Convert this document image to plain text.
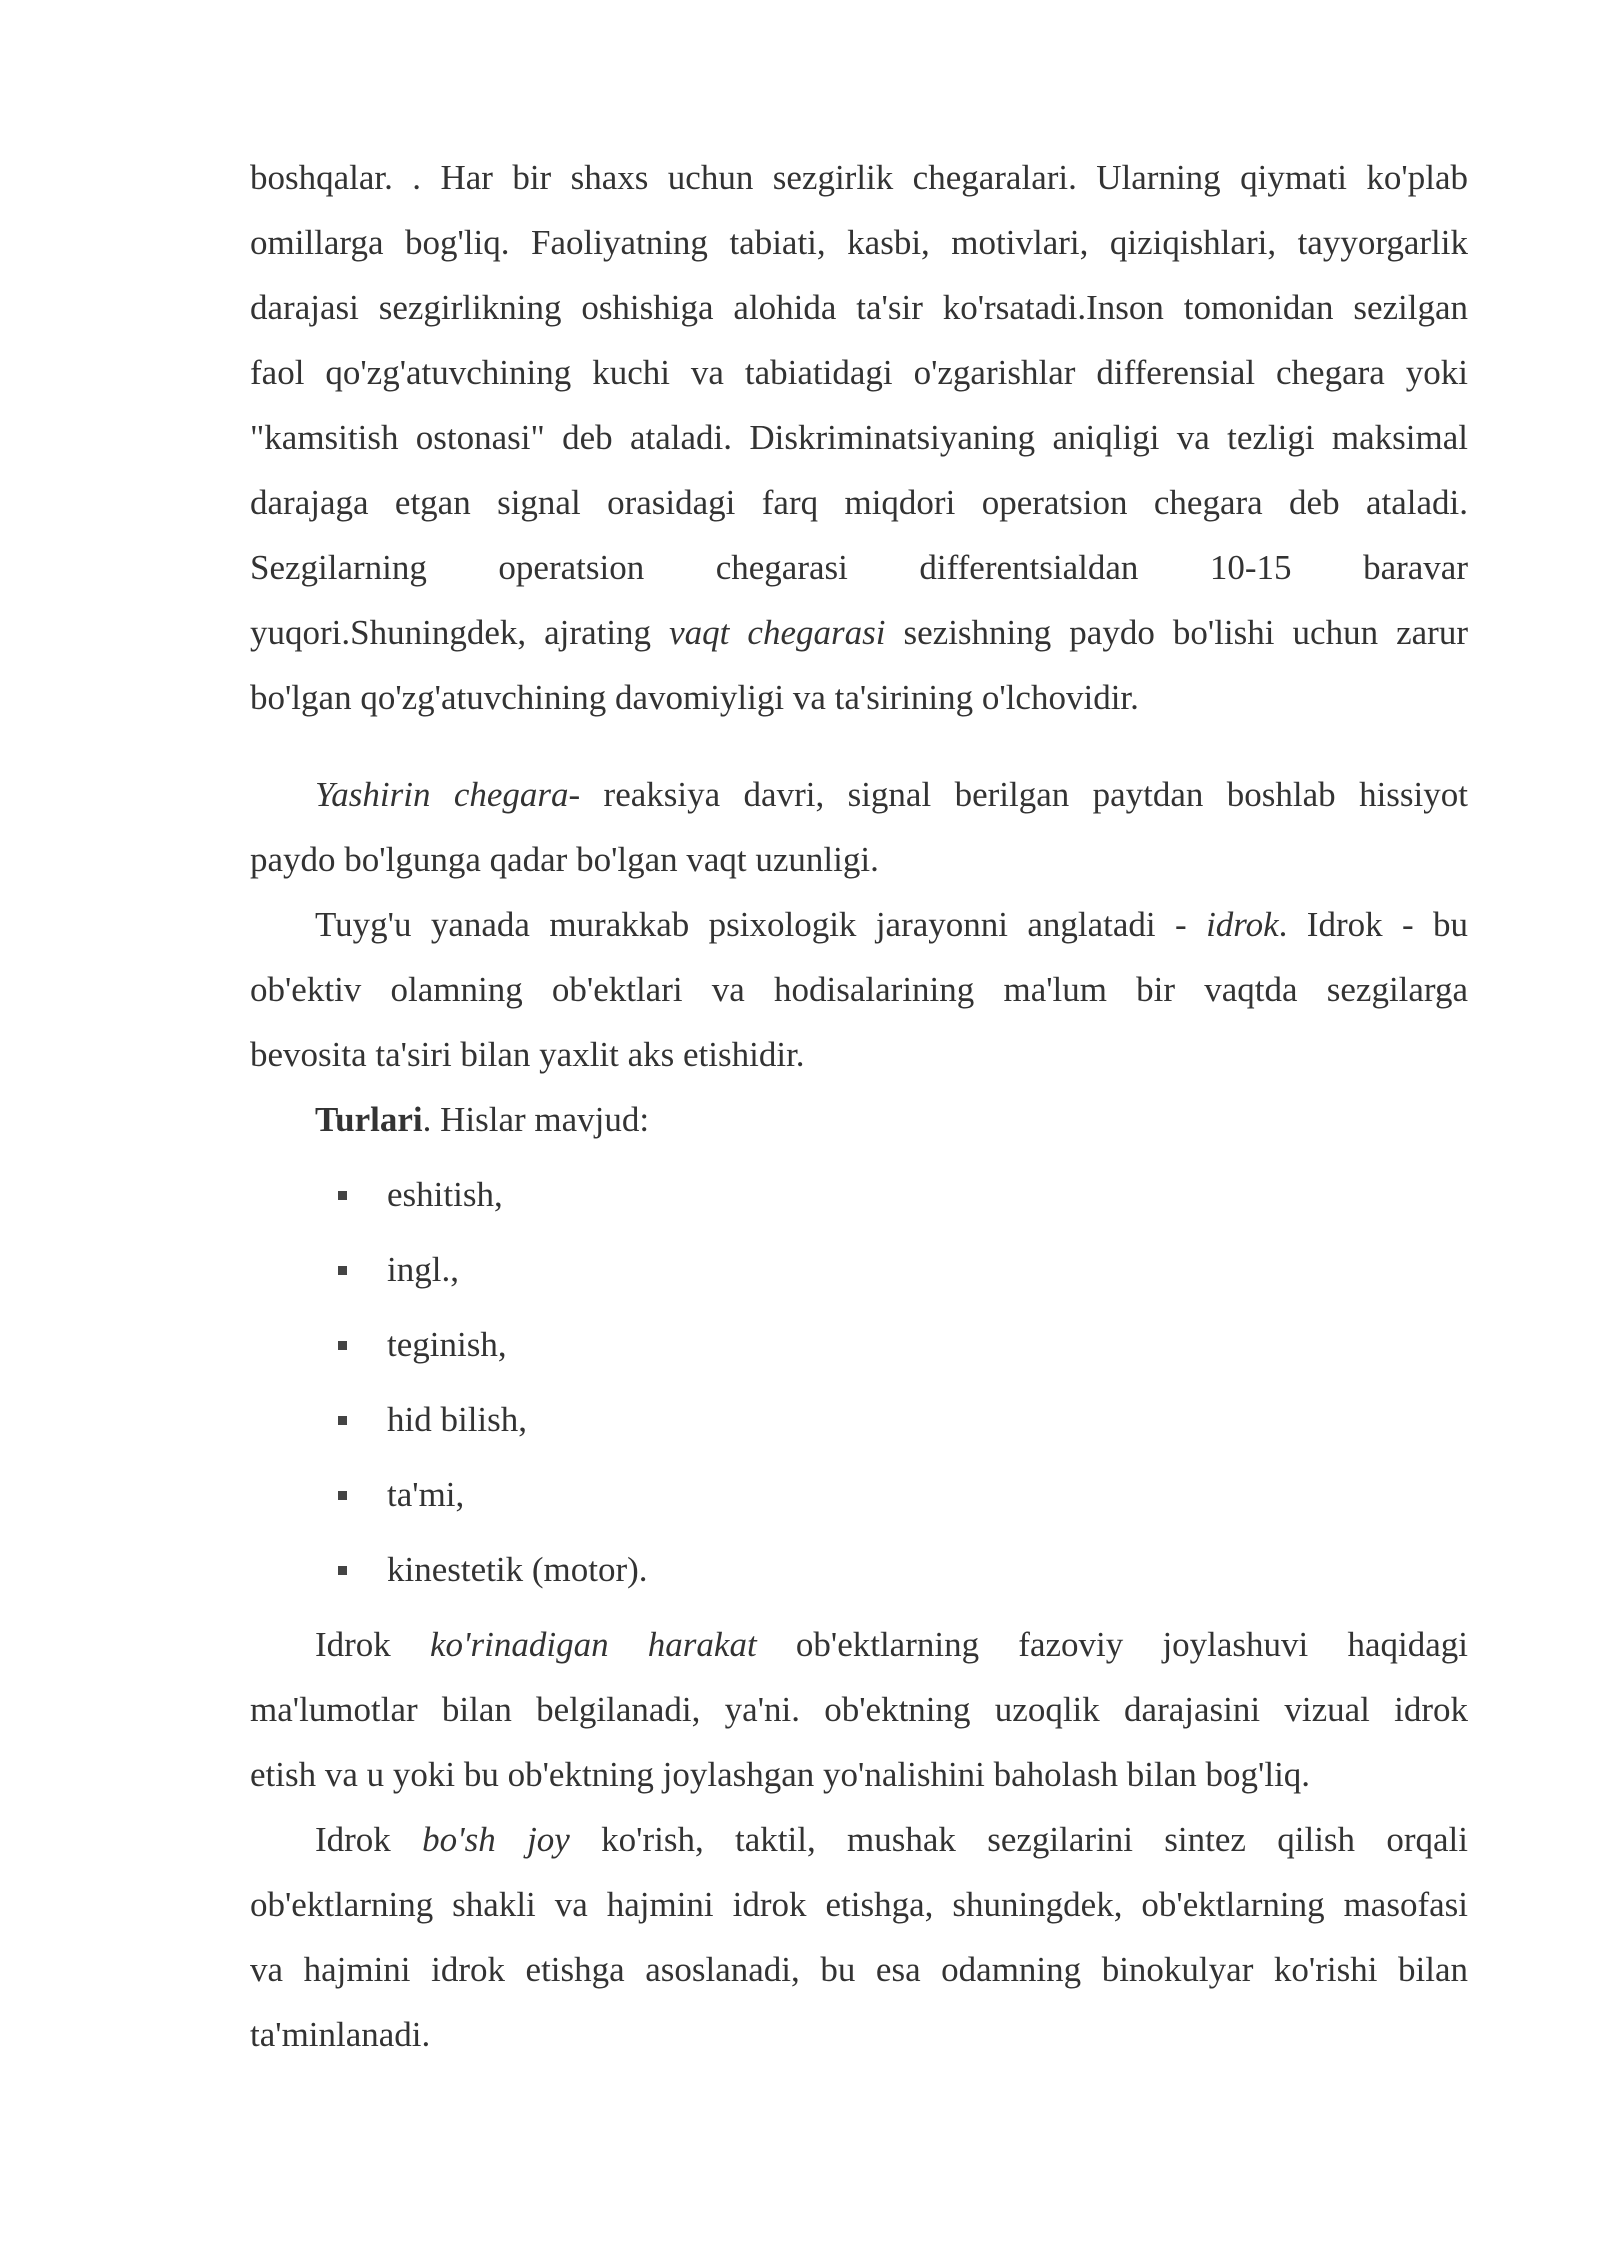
boshqalar. . Har bir shaxs uchun sezgirlik chegaralari. Ularning qiymati ko'plab
omillarga bog'liq. Faoliyatning tabiati, kasbi, motivlari, qiziqishlari, tayyorgarlik
darajasi sezgirlikning oshishiga alohida ta'sir ko'rsatadi.Inson tomonidan sezilgan
faol qo'zg'atuvchining kuchi va tabiatidagi o'zgarishlar differensial chegara yoki
"kamsitish ostonasi" deb ataladi. Diskriminatsiyaning aniqligi va tezligi maksimal
darajaga etgan signal orasidagi farq miqdori operatsion chegara deb ataladi.
Sezgilarning operatsion chegarasi differentsialdan 10-15 baravar
yuqori.Shuningdek, ajrating vaqt chegarasi sezishning paydo bo'lishi uchun zarur
bo'lgan qo'zg'atuvchining davomiyligi va ta'sirining o'lchovidir.
Yashirin chegara- reaksiya davri, signal berilgan paytdan boshlab hissiyot
paydo bo'lgunga qadar bo'lgan vaqt uzunligi.
Tuyg'u yanada murakkab psixologik jarayonni anglatadi - idrok. Idrok - bu
ob'ektiv olamning ob'ektlari va hodisalarining ma'lum bir vaqtda sezgilarga
bevosita ta'siri bilan yaxlit aks etishidir.
Turlari. Hislar mavjud:
eshitish,
ingl.,
teginish,
hid bilish,
ta'mi,
kinestetik (motor).
Idrok ko'rinadigan harakat ob'ektlarning fazoviy joylashuvi haqidagi
ma'lumotlar bilan belgilanadi, ya'ni. ob'ektning uzoqlik darajasini vizual idrok
etish va u yoki bu ob'ektning joylashgan yo'nalishini baholash bilan bog'liq.
Idrok bo'sh joy ko'rish, taktil, mushak sezgilarini sintez qilish orqali
ob'ektlarning shakli va hajmini idrok etishga, shuningdek, ob'ektlarning masofasi
va hajmini idrok etishga asoslanadi, bu esa odamning binokulyar ko'rishi bilan
ta'minlanadi.
